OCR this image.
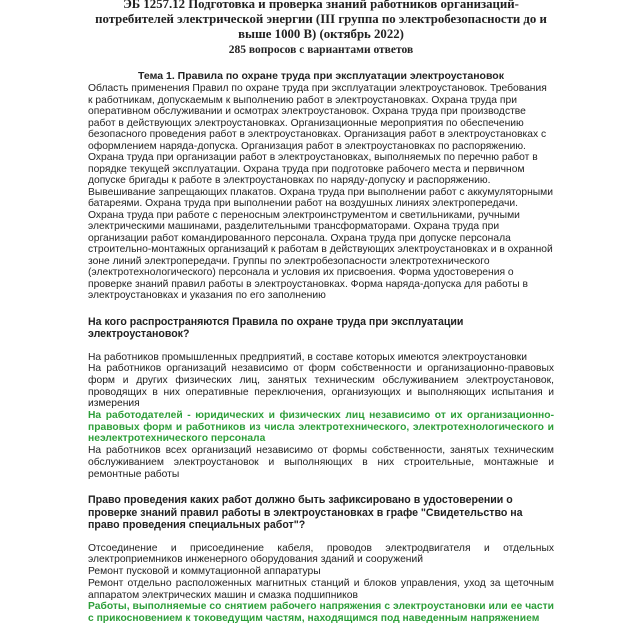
ЭБ 1257.12 Подготовка и проверка знаний работников организаций-потребителей электрической энергии (III группа по электробезопасности до и выше 1000 В) (октябрь 2022)
285 вопросов с вариантами ответов
Тема 1. Правила по охране труда при эксплуатации электроустановок

Область применения Правил по охране труда при эксплуатации электроустановок. Требования к работникам, допускаемым к выполнению работ в электроустановках. Охрана труда при оперативном обслуживании и осмотрах электроустановок. Охрана труда при производстве работ в действующих электроустановках. Организационные мероприятия по обеспечению безопасного проведения работ в электроустановках. Организация работ в электроустановках с оформлением наряда-допуска. Организация работ в электроустановках по распоряжению. Охрана труда при организации работ в электроустановках, выполняемых по перечню работ в порядке текущей эксплуатации. Охрана труда при подготовке рабочего места и первичном допуске бригады к работе в электроустановках по наряду-допуску и распоряжению. Вывешивание запрещающих плакатов. Охрана труда при выполнении работ с аккумуляторными батареями. Охрана труда при выполнении работ на воздушных линиях электропередачи. Охрана труда при работе с переносным электроинструментом и светильниками, ручными электрическими машинами, разделительными трансформаторами. Охрана труда при организации работ командированного персонала. Охрана труда при допуске персонала строительно-монтажных организаций к работам в действующих электроустановках и в охранной зоне линий электропередачи. Группы по электробезопасности электротехнического (электротехнологического) персонала и условия их присвоения. Форма удостоверения о проверке знаний правил работы в электроустановках. Форма наряда-допуска для работы в электроустановках и указания по его заполнению

На кого распространяются Правила по охране труда при эксплуатации электроустановок?
На работников промышленных предприятий, в составе которых имеются электроустановки
На работников организаций независимо от форм собственности и организационно-правовых форм и других физических лиц, занятых техническим обслуживанием электроустановок, проводящих в них оперативные переключения, организующих и выполняющих испытания и измерения
На работодателей - юридических и физических лиц независимо от их организационно-правовых форм и работников из числа электротехнического, электротехнологического и неэлектротехнического персонала
На работников всех организаций независимо от формы собственности, занятых техническим обслуживанием электроустановок и выполняющих в них строительные, монтажные и ремонтные работы
Право проведения каких работ должно быть зафиксировано в удостоверении о проверке знаний правил работы в электроустановках в графе "Свидетельство на право проведения специальных работ"?
Отсоединение и присоединение кабеля, проводов электродвигателя и отдельных электроприемников инженерного оборудования зданий и сооружений
Ремонт пусковой и коммутационной аппаратуры
Ремонт отдельно расположенных магнитных станций и блоков управления, уход за щеточным аппаратом электрических машин и смазка подшипников
Работы, выполняемые со снятием рабочего напряжения с электроустановки или ее части с прикосновением к токоведущим частям, находящимся под наведенным напряжением
